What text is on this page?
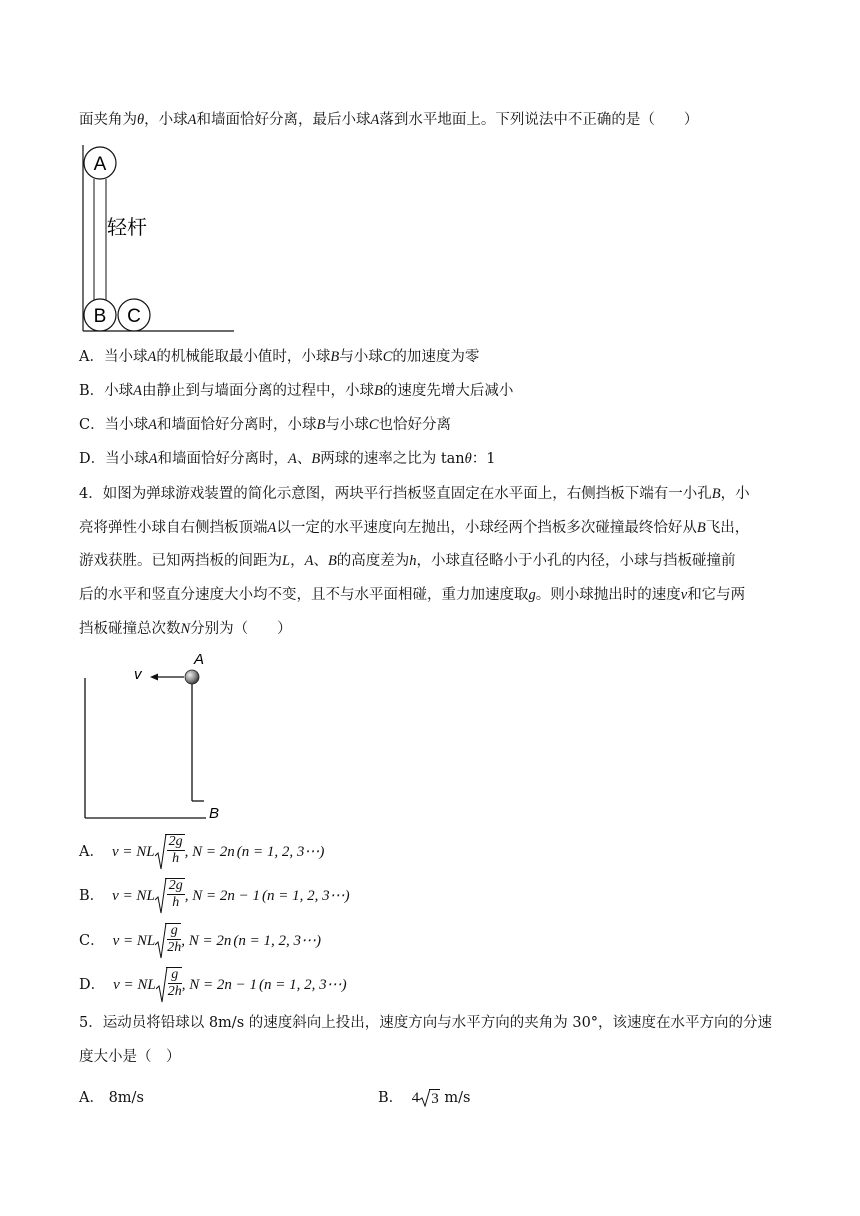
面夹角为θ，小球A和墙面恰好分离，最后小球A落到水平地面上。下列说法中不正确的是（　　）
A
B C
轻杆
A．当小球A的机械能取最小值时，小球B与小球C的加速度为零
B．小球A由静止到与墙面分离的过程中，小球B的速度先增大后减小
C．当小球A和墙面恰好分离时，小球B与小球C也恰好分离
D．当小球A和墙面恰好分离时，A、B两球的速率之比为 tanθ：1
4．如图为弹球游戏装置的简化示意图，两块平行挡板竖直固定在水平面上，右侧挡板下端有一小孔B，小
亮将弹性小球自右侧挡板顶端A以一定的水平速度向左抛出，小球经两个挡板多次碰撞最终恰好从B飞出，
游戏获胜。已知两挡板的间距为L，A、B的高度差为h，小球直径略小于小孔的内径，小球与挡板碰撞前
后的水平和竖直分速度大小均不变，且不与水平面相碰，重力加速度取g。则小球抛出时的速度v和它与两
挡板碰撞总次数N分别为（　　）
v
A
B
A． v = NL $\frac{2g}{h}$ , N = 2n (n = 1, 2, 3⋯)
B． v = NL $\frac{2g}{h}$ , N = 2n − 1 (n = 1, 2, 3⋯)
C． v = NL $\frac{g}{2h}$ , N = 2n (n = 1, 2, 3⋯)
D． v = NL $\frac{g}{2h}$ , N = 2n − 1 (n = 1, 2, 3⋯)
5．运动员将铅球以 8m/s 的速度斜向上投出，速度方向与水平方向的夹角为 30°，该速度在水平方向的分速
度大小是（　）
A． 8m/s	B． 4 3 m/s
